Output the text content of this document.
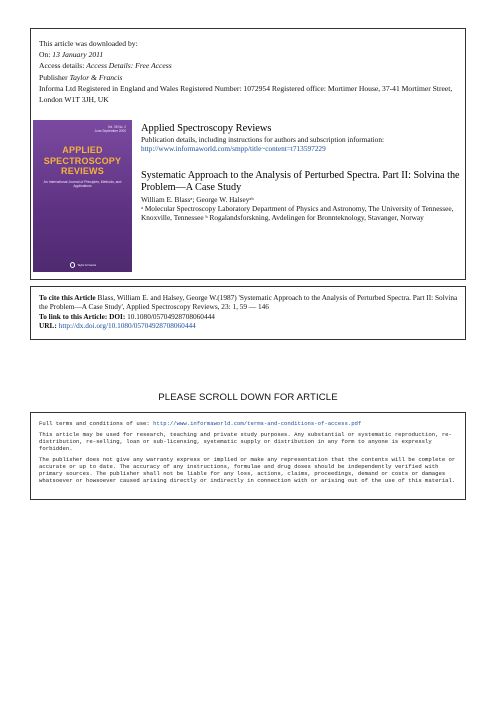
This article was downloaded by:
On: 13 January 2011
Access details: Access Details: Free Access
Publisher Taylor & Francis
Informa Ltd Registered in England and Wales Registered Number: 1072954 Registered office: Mortimer House, 37-41 Mortimer Street, London W1T 3JH, UK
Vol. 35 No. 2
June-September 2000
APPLIED
SPECTROSCOPY
REVIEWS
An International Journal of Principles, Methods, and Applications
Taylor & Francis
Applied Spectroscopy Reviews
Publication details, including instructions for authors and subscription information:
http://www.informaworld.com/smpp/title~content=t713597229
Systematic Approach to the Analysis of Perturbed Spectra. Part II: Solvina the Problem—A Case Study
William E. Blassᵃ; George W. Halseyᵃᵇ
ᵃ Molecular Spectroscopy Laboratory Department of Physics and Astronomy, The University of Tennessee, Knoxville, Tennessee ᵇ Rogalandsforskning, Avdelingen for Bronnteknology, Stavanger, Norway
To cite this Article Blass, William E. and Halsey, George W.(1987) 'Systematic Approach to the Analysis of Perturbed Spectra. Part II: Solvina the Problem—A Case Study', Applied Spectroscopy Reviews, 23: 1, 59 — 146
To link to this Article: DOI: 10.1080/05704928708060444
URL: http://dx.doi.org/10.1080/05704928708060444
PLEASE SCROLL DOWN FOR ARTICLE

Full terms and conditions of use: http://www.informaworld.com/terms-and-conditions-of-access.pdf

This article may be used for research, teaching and private study purposes. Any substantial or systematic reproduction, re-distribution, re-selling, loan or sub-licensing, systematic supply or distribution in any form to anyone is expressly forbidden.

The publisher does not give any warranty express or implied or make any representation that the contents will be complete or accurate or up to date. The accuracy of any instructions, formulae and drug doses should be independently verified with primary sources. The publisher shall not be liable for any loss, actions, claims, proceedings, demand or costs or damages whatsoever or howsoever caused arising directly or indirectly in connection with or arising out of the use of this material.
